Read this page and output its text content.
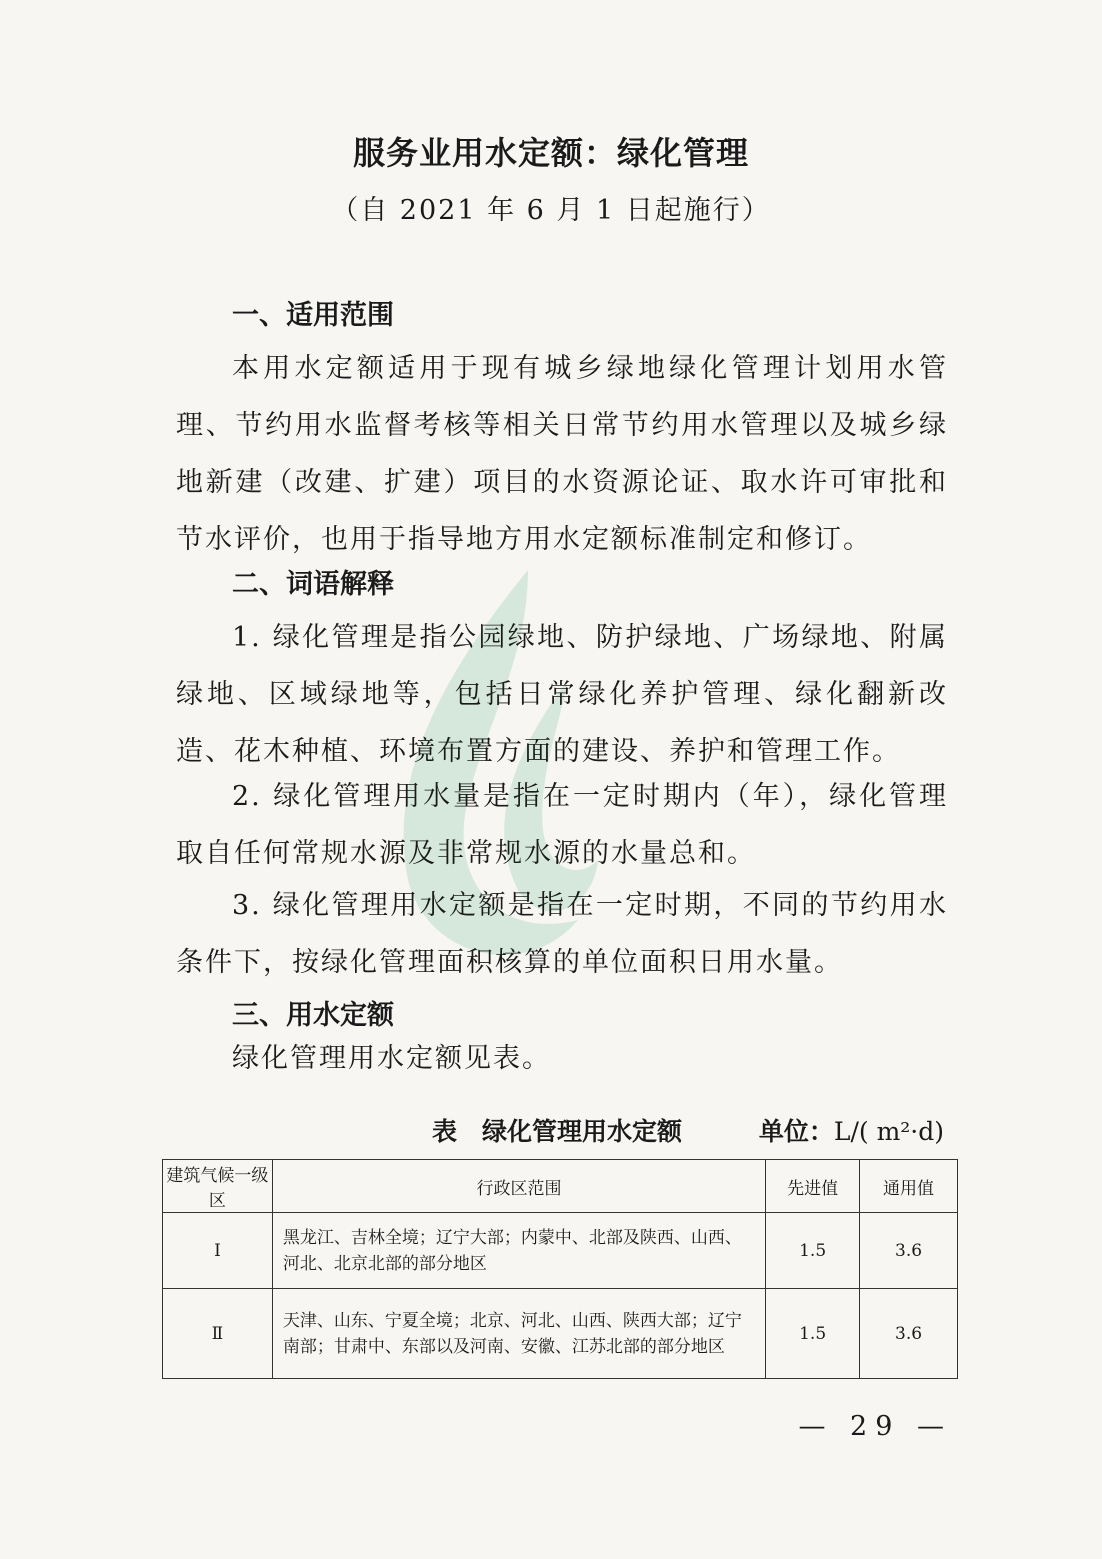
服务业用水定额：绿化管理
（自 2021 年 6 月 1 日起施行）
一、适用范围
本用水定额适用于现有城乡绿地绿化管理计划用水管理、节约用水监督考核等相关日常节约用水管理以及城乡绿地新建（改建、扩建）项目的水资源论证、取水许可审批和节水评价，也用于指导地方用水定额标准制定和修订。
二、词语解释
1. 绿化管理是指公园绿地、防护绿地、广场绿地、附属绿地、区域绿地等，包括日常绿化养护管理、绿化翻新改造、花木种植、环境布置方面的建设、养护和管理工作。
2. 绿化管理用水量是指在一定时期内（年），绿化管理取自任何常规水源及非常规水源的水量总和。
3. 绿化管理用水定额是指在一定时期，不同的节约用水条件下，按绿化管理面积核算的单位面积日用水量。
三、用水定额
绿化管理用水定额见表。
表　绿化管理用水定额	单位：L/( m²·d)
建筑气候一级区	行政区范围	先进值	通用值
Ⅰ	黑龙江、吉林全境；辽宁大部；内蒙中、北部及陕西、山西、河北、北京北部的部分地区	1.5	3.6
Ⅱ	天津、山东、宁夏全境；北京、河北、山西、陕西大部；辽宁南部；甘肃中、东部以及河南、安徽、江苏北部的部分地区	1.5	3.6
— 29 —
